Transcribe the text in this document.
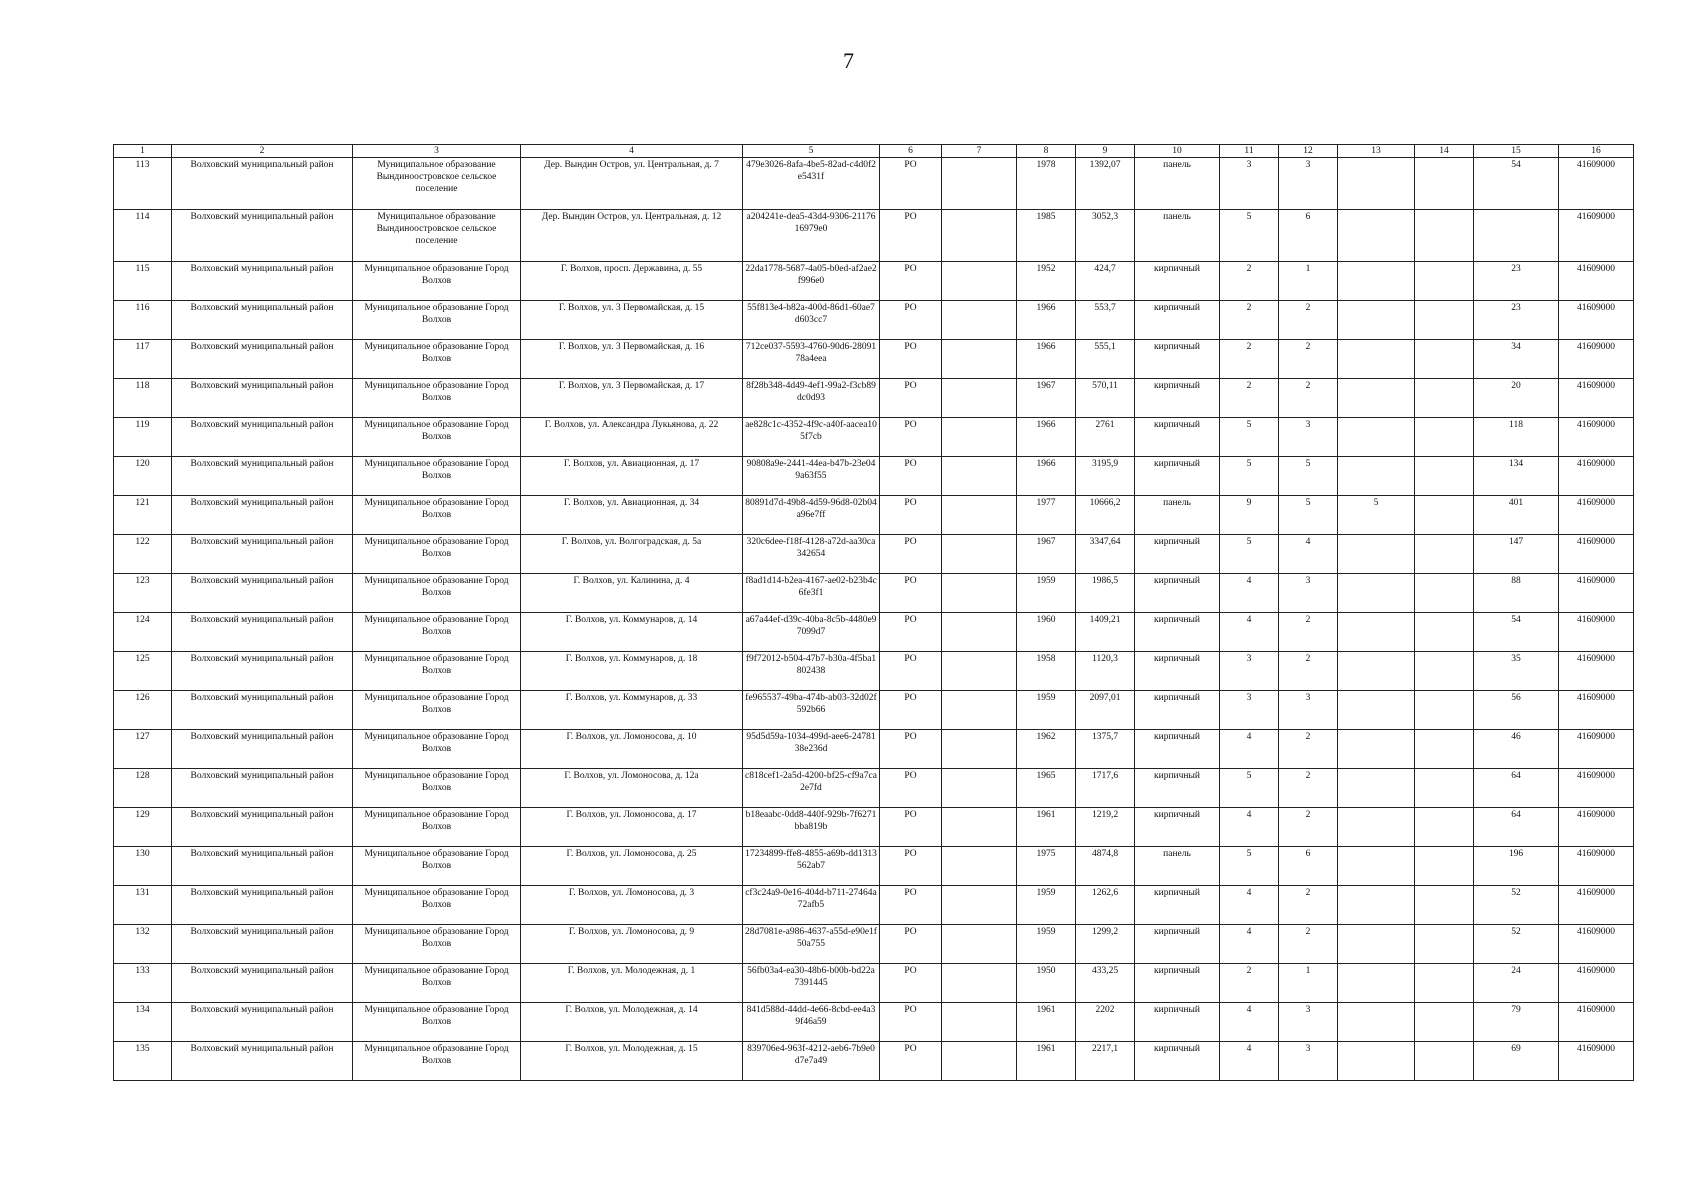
7
1	2	3	4	5	6	7	8	9	10	11	12	13	14	15	16
113	Волховский муниципальный район	Муниципальное образование Вындиноостровское сельское поселение	Дер. Вындин Остров, ул. Центральная, д. 7	479e3026-8afa-4be5-82ad-c4d0f2e5431f	РО		1978	1392,07	панель	3	3			54	41609000
114	Волховский муниципальный район	Муниципальное образование Вындиноостровское сельское поселение	Дер. Вындин Остров, ул. Центральная, д. 12	a204241e-dea5-43d4-9306-2117616979e0	РО		1985	3052,3	панель	5	6				41609000
115	Волховский муниципальный район	Муниципальное образование Город Волхов	Г. Волхов, просп. Державина, д. 55	22da1778-5687-4a05-b0ed-af2ae2f996e0	РО		1952	424,7	кирпичный	2	1			23	41609000
116	Волховский муниципальный район	Муниципальное образование Город Волхов	Г. Волхов, ул. 3 Первомайская, д. 15	55f813e4-b82a-400d-86d1-60ae7d603cc7	РО		1966	553,7	кирпичный	2	2			23	41609000
117	Волховский муниципальный район	Муниципальное образование Город Волхов	Г. Волхов, ул. 3 Первомайская, д. 16	712ce037-5593-4760-90d6-2809178a4eea	РО		1966	555,1	кирпичный	2	2			34	41609000
118	Волховский муниципальный район	Муниципальное образование Город Волхов	Г. Волхов, ул. 3 Первомайская, д. 17	8f28b348-4d49-4ef1-99a2-f3cb89dc0d93	РО		1967	570,11	кирпичный	2	2			20	41609000
119	Волховский муниципальный район	Муниципальное образование Город Волхов	Г. Волхов, ул. Александра Лукьянова, д. 22	ae828c1c-4352-4f9c-a40f-aacea105f7cb	РО		1966	2761	кирпичный	5	3			118	41609000
120	Волховский муниципальный район	Муниципальное образование Город Волхов	Г. Волхов, ул. Авиационная, д. 17	90808a9e-2441-44ea-b47b-23e049a63f55	РО		1966	3195,9	кирпичный	5	5			134	41609000
121	Волховский муниципальный район	Муниципальное образование Город Волхов	Г. Волхов, ул. Авиационная, д. 34	80891d7d-49b8-4d59-96d8-02b04a96e7ff	РО		1977	10666,2	панель	9	5	5		401	41609000
122	Волховский муниципальный район	Муниципальное образование Город Волхов	Г. Волхов, ул. Волгоградская, д. 5а	320c6dee-f18f-4128-a72d-aa30ca342654	РО		1967	3347,64	кирпичный	5	4			147	41609000
123	Волховский муниципальный район	Муниципальное образование Город Волхов	Г. Волхов, ул. Калинина, д. 4	f8ad1d14-b2ea-4167-ae02-b23b4c6fe3f1	РО		1959	1986,5	кирпичный	4	3			88	41609000
124	Волховский муниципальный район	Муниципальное образование Город Волхов	Г. Волхов, ул. Коммунаров, д. 14	a67a44ef-d39c-40ba-8c5b-4480e97099d7	РО		1960	1409,21	кирпичный	4	2			54	41609000
125	Волховский муниципальный район	Муниципальное образование Город Волхов	Г. Волхов, ул. Коммунаров, д. 18	f9f72012-b504-47b7-b30a-4f5ba1802438	РО		1958	1120,3	кирпичный	3	2			35	41609000
126	Волховский муниципальный район	Муниципальное образование Город Волхов	Г. Волхов, ул. Коммунаров, д. 33	fe965537-49ba-474b-ab03-32d02f592b66	РО		1959	2097,01	кирпичный	3	3			56	41609000
127	Волховский муниципальный район	Муниципальное образование Город Волхов	Г. Волхов, ул. Ломоносова, д. 10	95d5d59a-1034-499d-aee6-2478138e236d	РО		1962	1375,7	кирпичный	4	2			46	41609000
128	Волховский муниципальный район	Муниципальное образование Город Волхов	Г. Волхов, ул. Ломоносова, д. 12а	c818cef1-2a5d-4200-bf25-cf9a7ca2e7fd	РО		1965	1717,6	кирпичный	5	2			64	41609000
129	Волховский муниципальный район	Муниципальное образование Город Волхов	Г. Волхов, ул. Ломоносова, д. 17	b18eaabc-0dd8-440f-929b-7f6271bba819b	РО		1961	1219,2	кирпичный	4	2			64	41609000
130	Волховский муниципальный район	Муниципальное образование Город Волхов	Г. Волхов, ул. Ломоносова, д. 25	17234899-ffe8-4855-a69b-dd1313562ab7	РО		1975	4874,8	панель	5	6			196	41609000
131	Волховский муниципальный район	Муниципальное образование Город Волхов	Г. Волхов, ул. Ломоносова, д. 3	cf3c24a9-0e16-404d-b711-27464a72afb5	РО		1959	1262,6	кирпичный	4	2			52	41609000
132	Волховский муниципальный район	Муниципальное образование Город Волхов	Г. Волхов, ул. Ломоносова, д. 9	28d7081e-a986-4637-a55d-e90e1f50a755	РО		1959	1299,2	кирпичный	4	2			52	41609000
133	Волховский муниципальный район	Муниципальное образование Город Волхов	Г. Волхов, ул. Молодежная, д. 1	56fb03a4-ea30-48b6-b00b-bd22a7391445	РО		1950	433,25	кирпичный	2	1			24	41609000
134	Волховский муниципальный район	Муниципальное образование Город Волхов	Г. Волхов, ул. Молодежная, д. 14	841d588d-44dd-4e66-8cbd-ee4a39f46a59	РО		1961	2202	кирпичный	4	3			79	41609000
135	Волховский муниципальный район	Муниципальное образование Город Волхов	Г. Волхов, ул. Молодежная, д. 15	839706e4-963f-4212-aeb6-7b9e0d7e7a49	РО		1961	2217,1	кирпичный	4	3			69	41609000
